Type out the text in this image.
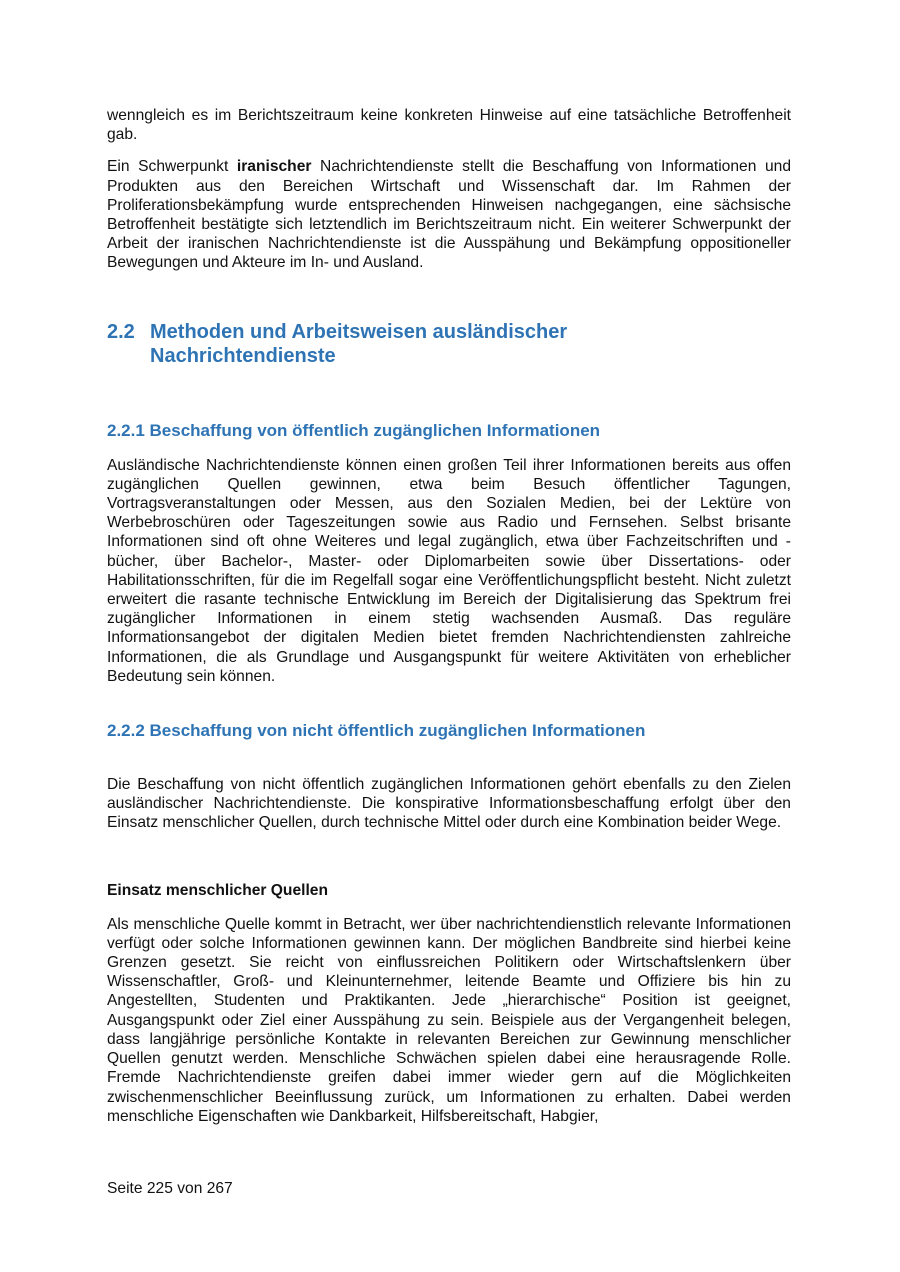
wenngleich es im Berichtszeitraum keine konkreten Hinweise auf eine tatsächliche Betroffenheit gab.

Ein Schwerpunkt iranischer Nachrichtendienste stellt die Beschaffung von Informationen und Produkten aus den Bereichen Wirtschaft und Wissenschaft dar. Im Rahmen der Proliferationsbekämpfung wurde entsprechenden Hinweisen nachgegangen, eine sächsische Betroffenheit bestätigte sich letztendlich im Berichtszeitraum nicht. Ein weiterer Schwerpunkt der Arbeit der iranischen Nachrichtendienste ist die Ausspähung und Bekämpfung oppositioneller Bewegungen und Akteure im In- und Ausland.

2.2 Methoden und Arbeitsweisen ausländischer Nachrichtendienste
2.2.1 Beschaffung von öffentlich zugänglichen Informationen

Ausländische Nachrichtendienste können einen großen Teil ihrer Informationen bereits aus offen zugänglichen Quellen gewinnen, etwa beim Besuch öffentlicher Tagungen, Vortragsveranstaltungen oder Messen, aus den Sozialen Medien, bei der Lektüre von Werbebroschüren oder Tageszeitungen sowie aus Radio und Fernsehen. Selbst brisante Informationen sind oft ohne Weiteres und legal zugänglich, etwa über Fachzeitschriften und -bücher, über Bachelor-, Master- oder Diplomarbeiten sowie über Dissertations- oder Habilitationsschriften, für die im Regelfall sogar eine Veröffentlichungspflicht besteht. Nicht zuletzt erweitert die rasante technische Entwicklung im Bereich der Digitalisierung das Spektrum frei zugänglicher Informationen in einem stetig wachsenden Ausmaß. Das reguläre Informationsangebot der digitalen Medien bietet fremden Nachrichtendiensten zahlreiche Informationen, die als Grundlage und Ausgangspunkt für weitere Aktivitäten von erheblicher Bedeutung sein können.

2.2.2 Beschaffung von nicht öffentlich zugänglichen Informationen

Die Beschaffung von nicht öffentlich zugänglichen Informationen gehört ebenfalls zu den Zielen ausländischer Nachrichtendienste. Die konspirative Informationsbeschaffung erfolgt über den Einsatz menschlicher Quellen, durch technische Mittel oder durch eine Kombination beider Wege.

Einsatz menschlicher Quellen

Als menschliche Quelle kommt in Betracht, wer über nachrichtendienstlich relevante Informationen verfügt oder solche Informationen gewinnen kann. Der möglichen Bandbreite sind hierbei keine Grenzen gesetzt. Sie reicht von einflussreichen Politikern oder Wirtschaftslenkern über Wissenschaftler, Groß- und Kleinunternehmer, leitende Beamte und Offiziere bis hin zu Angestellten, Studenten und Praktikanten. Jede „hierarchische“ Position ist geeignet, Ausgangspunkt oder Ziel einer Ausspähung zu sein. Beispiele aus der Vergangenheit belegen, dass langjährige persönliche Kontakte in relevanten Bereichen zur Gewinnung menschlicher Quellen genutzt werden. Menschliche Schwächen spielen dabei eine herausragende Rolle. Fremde Nachrichtendienste greifen dabei immer wieder gern auf die Möglichkeiten zwischenmenschlicher Beeinflussung zurück, um Informationen zu erhalten. Dabei werden menschliche Eigenschaften wie Dankbarkeit, Hilfsbereitschaft, Habgier,

Seite 225 von 267
